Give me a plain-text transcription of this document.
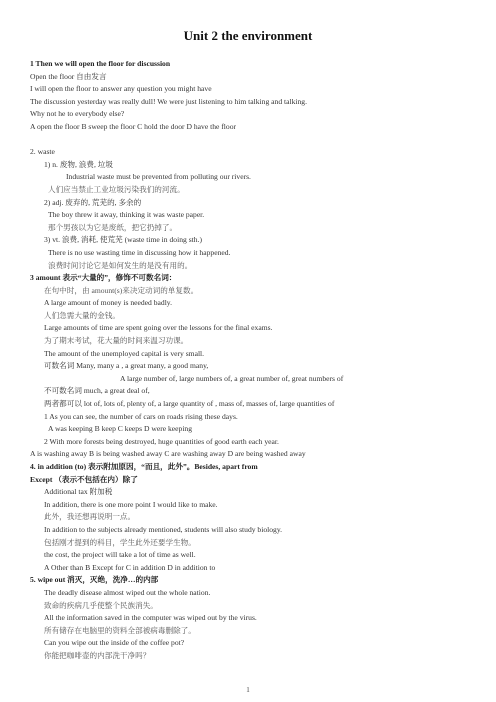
Unit 2 the environment
1 Then we will open the floor for discussion
Open the floor 自由发言
I will open the floor to answer any question you might have
The discussion yesterday was really dull! We were just listening to him talking and talking.
Why not he to everybody else?
A open the floor B sweep the floor C hold the door D have the floor
2. waste
1) n. 废物, 浪费, 垃圾
Industrial waste must be prevented from polluting our rivers.
人们应当禁止工业垃圾污染我们的河流。
2) adj. 废弃的, 荒芜的, 多余的
The boy threw it away, thinking it was waste paper.
那个男孩以为它是废纸，把它扔掉了。
3) vt. 浪费, 消耗, 使荒芜 (waste time in doing sth.)
There is no use wasting time in discussing how it happened.
浪费时间讨论它是如何发生的是没有用的。
3 amount 表示“大量的”，修饰不可数名词：
在句中时，由 amount(s)来决定动词的单复数。
A large amount of money is needed badly.
人们急需大量的金钱。
Large amounts of time are spent going over the lessons for the final exams.
为了期末考试，花大量的时间来温习功课。
The amount of the unemployed capital is very small.
可数名词 Many, many a , a great many, a good many,
A large number of, large numbers of, a great number of, great numbers of
不可数名词 much, a great deal of,
两者都可以 lot of, lots of, plenty of, a large quantity of , mass of, masses of, large quantities of
1 As you can see, the number of cars on roads rising these days.
A was keeping B keep C keeps D were keeping
2 With more forests being destroyed, huge quantities of good earth each year.
A is washing away B is being washed away C are washing away D are being washed away
4. in addition (to) 表示附加原因，“而且，此外”。Besides, apart from
Except （表示不包括在内）除了
Additional tax 附加税
In addition, there is one more point I would like to make.
此外，我还想再说明一点。
In addition to the subjects already mentioned, students will also study biology.
包括刚才提到的科目，学生此外还要学生物。
the cost, the project will take a lot of time as well.
A Other than B Except for C in addition D in addition to
5. wipe out 消灭，灭绝，洗净…的内部
The deadly disease almost wiped out the whole nation.
致命的疾病几乎使整个民族消失。
All the information saved in the computer was wiped out by the virus.
所有储存在电脑里的资料全部被病毒删除了。
Can you wipe out the inside of the coffee pot?
你能把咖啡壶的内部洗干净吗？
1
